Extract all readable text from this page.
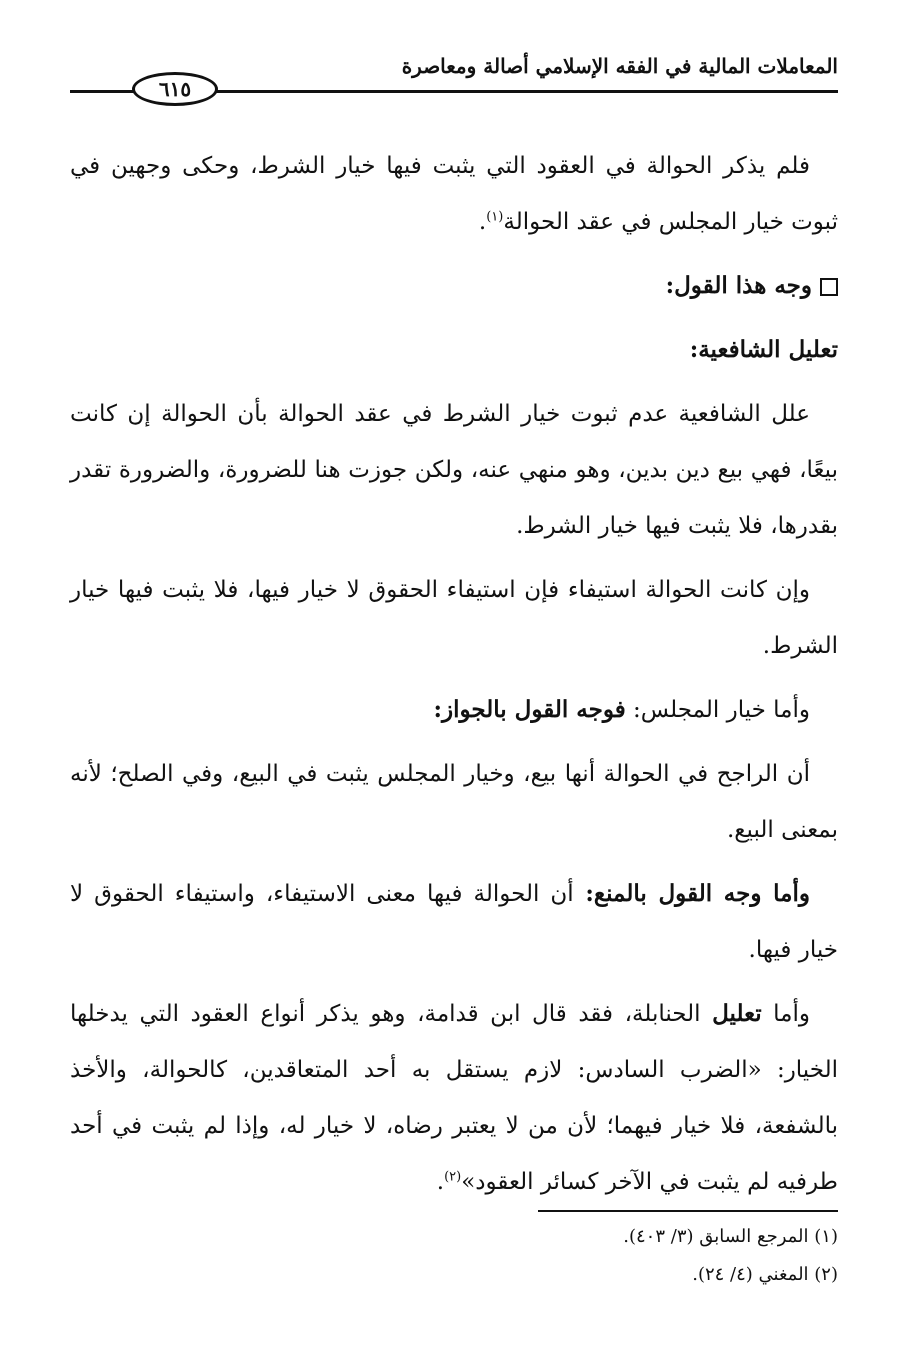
المعاملات المالية في الفقه الإسلامي أصالة ومعاصرة
٦١٥

فلم يذكر الحوالة في العقود التي يثبت فيها خيار الشرط، وحكى وجهين في ثبوت خيار المجلس في عقد الحوالة$^{(١)}$.

وجه هذا القول:

تعليل الشافعية:

علل الشافعية عدم ثبوت خيار الشرط في عقد الحوالة بأن الحوالة إن كانت بيعًا، فهي بيع دين بدين، وهو منهي عنه، ولكن جوزت هنا للضرورة، والضرورة تقدر بقدرها، فلا يثبت فيها خيار الشرط.

وإن كانت الحوالة استيفاء فإن استيفاء الحقوق لا خيار فيها، فلا يثبت فيها خيار الشرط.

وأما خيار المجلس: فوجه القول بالجواز:

أن الراجح في الحوالة أنها بيع، وخيار المجلس يثبت في البيع، وفي الصلح؛ لأنه بمعنى البيع.

وأما وجه القول بالمنع: أن الحوالة فيها معنى الاستيفاء، واستيفاء الحقوق لا خيار فيها.

وأما تعليل الحنابلة، فقد قال ابن قدامة، وهو يذكر أنواع العقود التي يدخلها الخيار: «الضرب السادس: لازم يستقل به أحد المتعاقدين، كالحوالة، والأخذ بالشفعة، فلا خيار فيهما؛ لأن من لا يعتبر رضاه، لا خيار له، وإذا لم يثبت في أحد طرفيه لم يثبت في الآخر كسائر العقود»$^{(٢)}$.

(١) المرجع السابق (٣/ ٤٠٣).
(٢) المغني (٤/ ٢٤).
